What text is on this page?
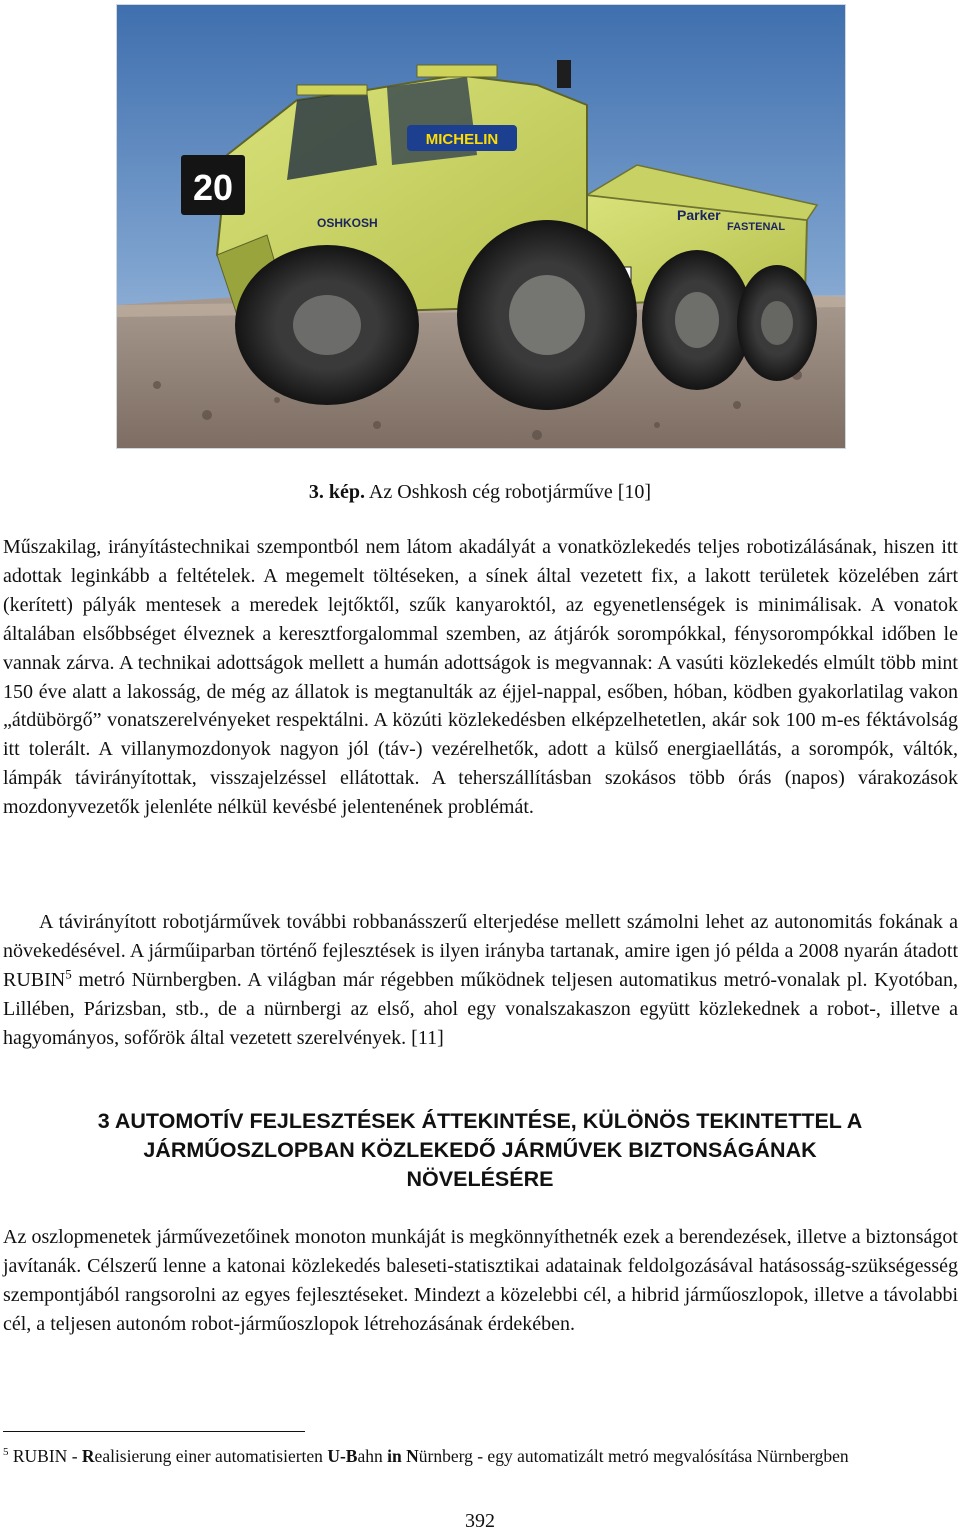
20
MICHELIN
OSHKOSH	Parker
FASTENAL
3. kép. Az Oshkosh cég robotjárműve [10]
Műszakilag, irányítástechnikai szempontból nem látom akadályát a vonatközlekedés teljes robotizálásának, hiszen itt adottak leginkább a feltételek. A megemelt töltéseken, a sínek által vezetett fix, a lakott területek közelében zárt (kerített) pályák mentesek a meredek lejtőktől, szűk kanyaroktól, az egyenetlenségek is minimálisak. A vonatok általában elsőbbséget élveznek a keresztforgalommal szemben, az átjárók sorompókkal, fénysorompókkal időben le vannak zárva. A technikai adottságok mellett a humán adottságok is megvannak: A vasúti közlekedés elmúlt több mint 150 éve alatt a lakosság, de még az állatok is megtanulták az éjjel-nappal, esőben, hóban, ködben gyakorlatilag vakon „átdübörgő” vonatszerelvényeket respektálni. A közúti közlekedésben elképzelhetetlen, akár sok 100 m-es féktávolság itt tolerált. A villanymozdonyok nagyon jól (táv-) vezérelhetők, adott a külső energiaellátás, a sorompók, váltók, lámpák távirányítottak, visszajelzéssel ellátottak. A teherszállításban szokásos több órás (napos) várakozások mozdonyvezetők jelenléte nélkül kevésbé jelentenének problémát.
A távirányított robotjárművek további robbanásszerű elterjedése mellett számolni lehet az autonomitás fokának a növekedésével. A járműiparban történő fejlesztések is ilyen irányba tartanak, amire igen jó példa a 2008 nyarán átadott RUBIN$^5$ metró Nürnbergben. A világban már régebben működnek teljesen automatikus metró-vonalak pl. Kyotóban, Lillében, Párizsban, stb., de a nürnbergi az első, ahol egy vonalszakaszon együtt közlekednek a robot-, illetve a hagyományos, sofőrök által vezetett szerelvények. [11]
3 AUTOMOTÍV FEJLESZTÉSEK ÁTTEKINTÉSE, KÜLÖNÖS TEKINTETTEL A
JÁRMŰOSZLOPBAN KÖZLEKEDŐ JÁRMŰVEK BIZTONSÁGÁNAK
NÖVELÉSÉRE
Az oszlopmenetek járművezetőinek monoton munkáját is megkönnyíthetnék ezek a berendezések, illetve a biztonságot javítanák. Célszerű lenne a katonai közlekedés baleseti-statisztikai adatainak feldolgozásával hatásosság-szükségesség szempontjából rangsorolni az egyes fejlesztéseket. Mindezt a közelebbi cél, a hibrid járműoszlopok, illetve a távolabbi cél, a teljesen autonóm robot-járműoszlopok létrehozásának érdekében.
$^5$ RUBIN - Realisierung einer automatisierten U-Bahn in Nürnberg - egy automatizált metró megvalósítása Nürnbergben
392
